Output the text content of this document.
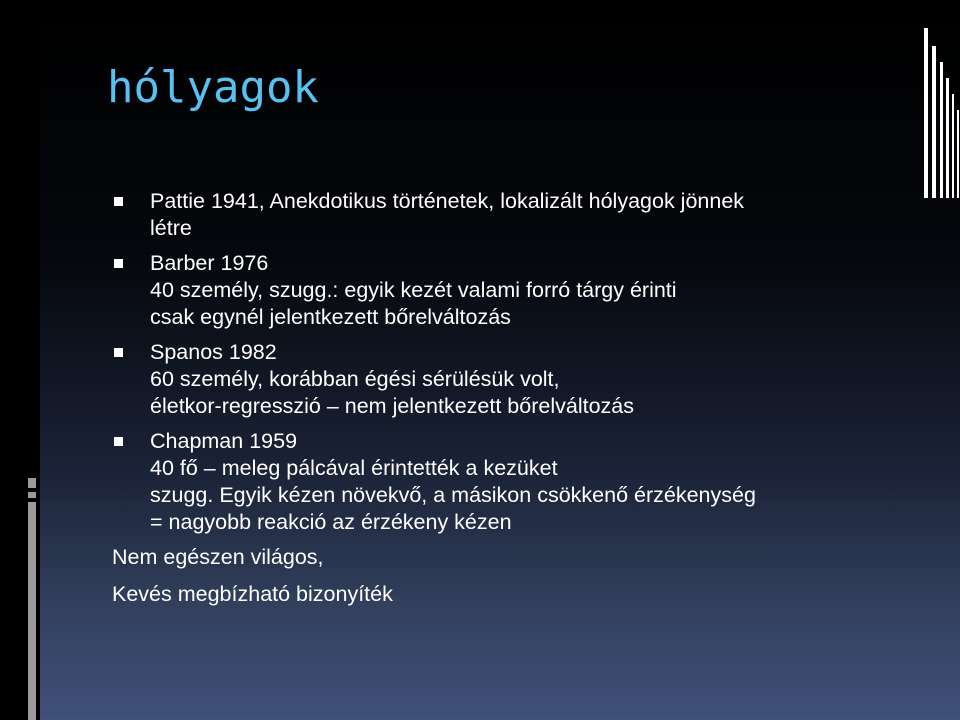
hólyagok
Pattie 1941, Anekdotikus történetek, lokalizált hólyagok jönnek
létre
Barber 1976
40 személy, szugg.: egyik kezét valami forró tárgy érinti
csak egynél jelentkezett bőrelváltozás
Spanos 1982
60 személy, korábban égési sérülésük volt,
életkor-regresszió – nem jelentkezett bőrelváltozás
Chapman 1959
40 fő – meleg pálcával érintették a kezüket
szugg. Egyik kézen növekvő, a másikon csökkenő érzékenység
= nagyobb reakció az érzékeny kézen
Nem egészen világos,
Kevés megbízható bizonyíték
